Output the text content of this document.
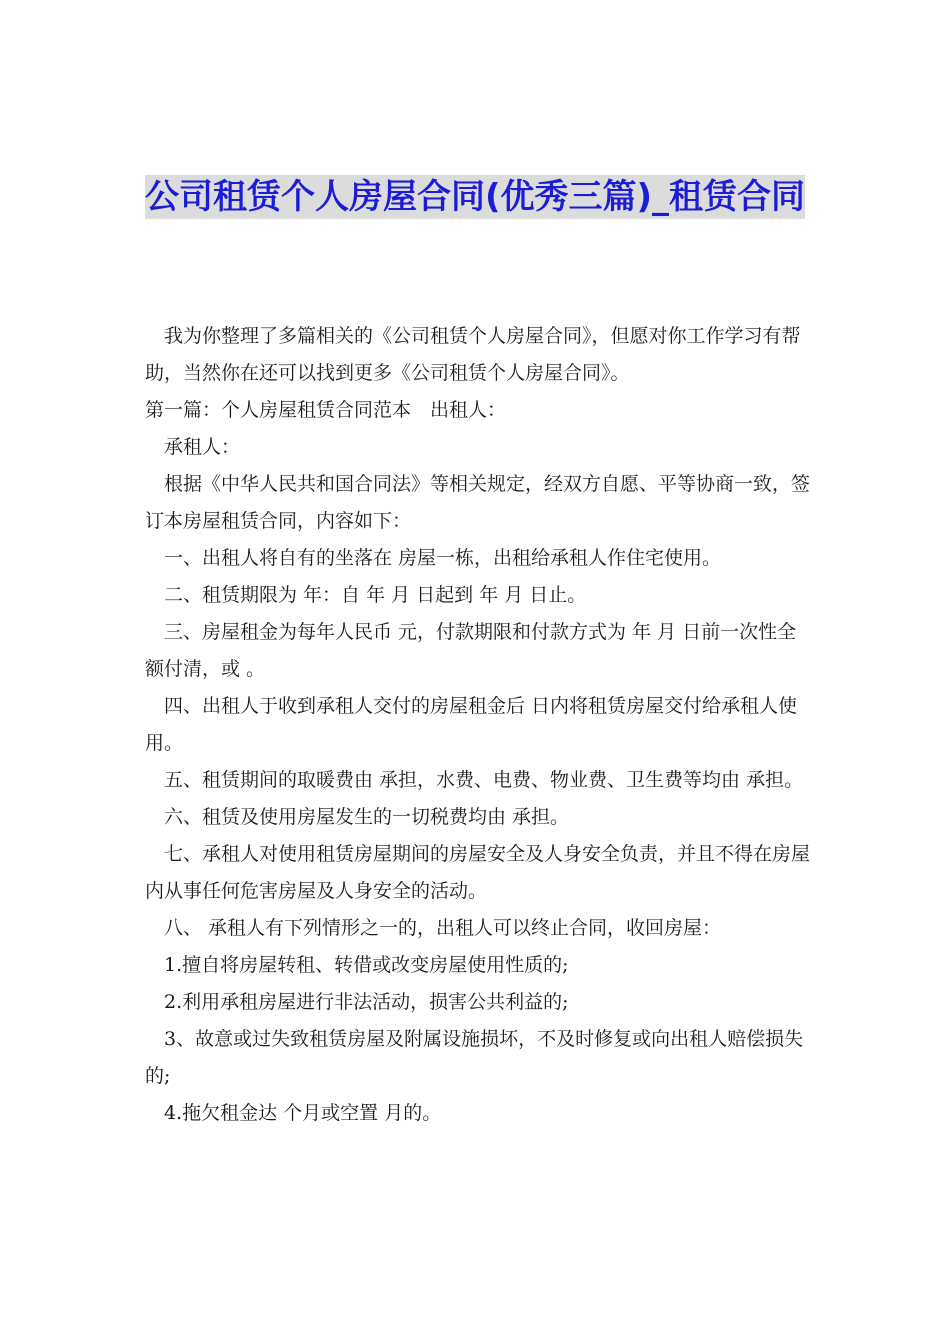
公司租赁个人房屋合同(优秀三篇)_租赁合同

我为你整理了多篇相关的《公司租赁个人房屋合同》，但愿对你工作学习有帮助，当然你在还可以找到更多《公司租赁个人房屋合同》。

第一篇：个人房屋租赁合同范本　出租人：

承租人：

根据《中华人民共和国合同法》等相关规定，经双方自愿、平等协商一致，签订本房屋租赁合同，内容如下：

一、出租人将自有的坐落在 房屋一栋，出租给承租人作住宅使用。

二、租赁期限为 年：自 年 月 日起到 年 月 日止。

三、房屋租金为每年人民币 元，付款期限和付款方式为 年 月 日前一次性全额付清，或 。

四、出租人于收到承租人交付的房屋租金后 日内将租赁房屋交付给承租人使用。

五、租赁期间的取暖费由 承担，水费、电费、物业费、卫生费等均由 承担。

六、租赁及使用房屋发生的一切税费均由 承担。

七、承租人对使用租赁房屋期间的房屋安全及人身安全负责，并且不得在房屋内从事任何危害房屋及人身安全的活动。

八、 承租人有下列情形之一的，出租人可以终止合同，收回房屋：

1.擅自将房屋转租、转借或改变房屋使用性质的;

2.利用承租房屋进行非法活动，损害公共利益的;

3、故意或过失致租赁房屋及附属设施损坏，不及时修复或向出租人赔偿损失的;

4.拖欠租金达 个月或空置 月的。
